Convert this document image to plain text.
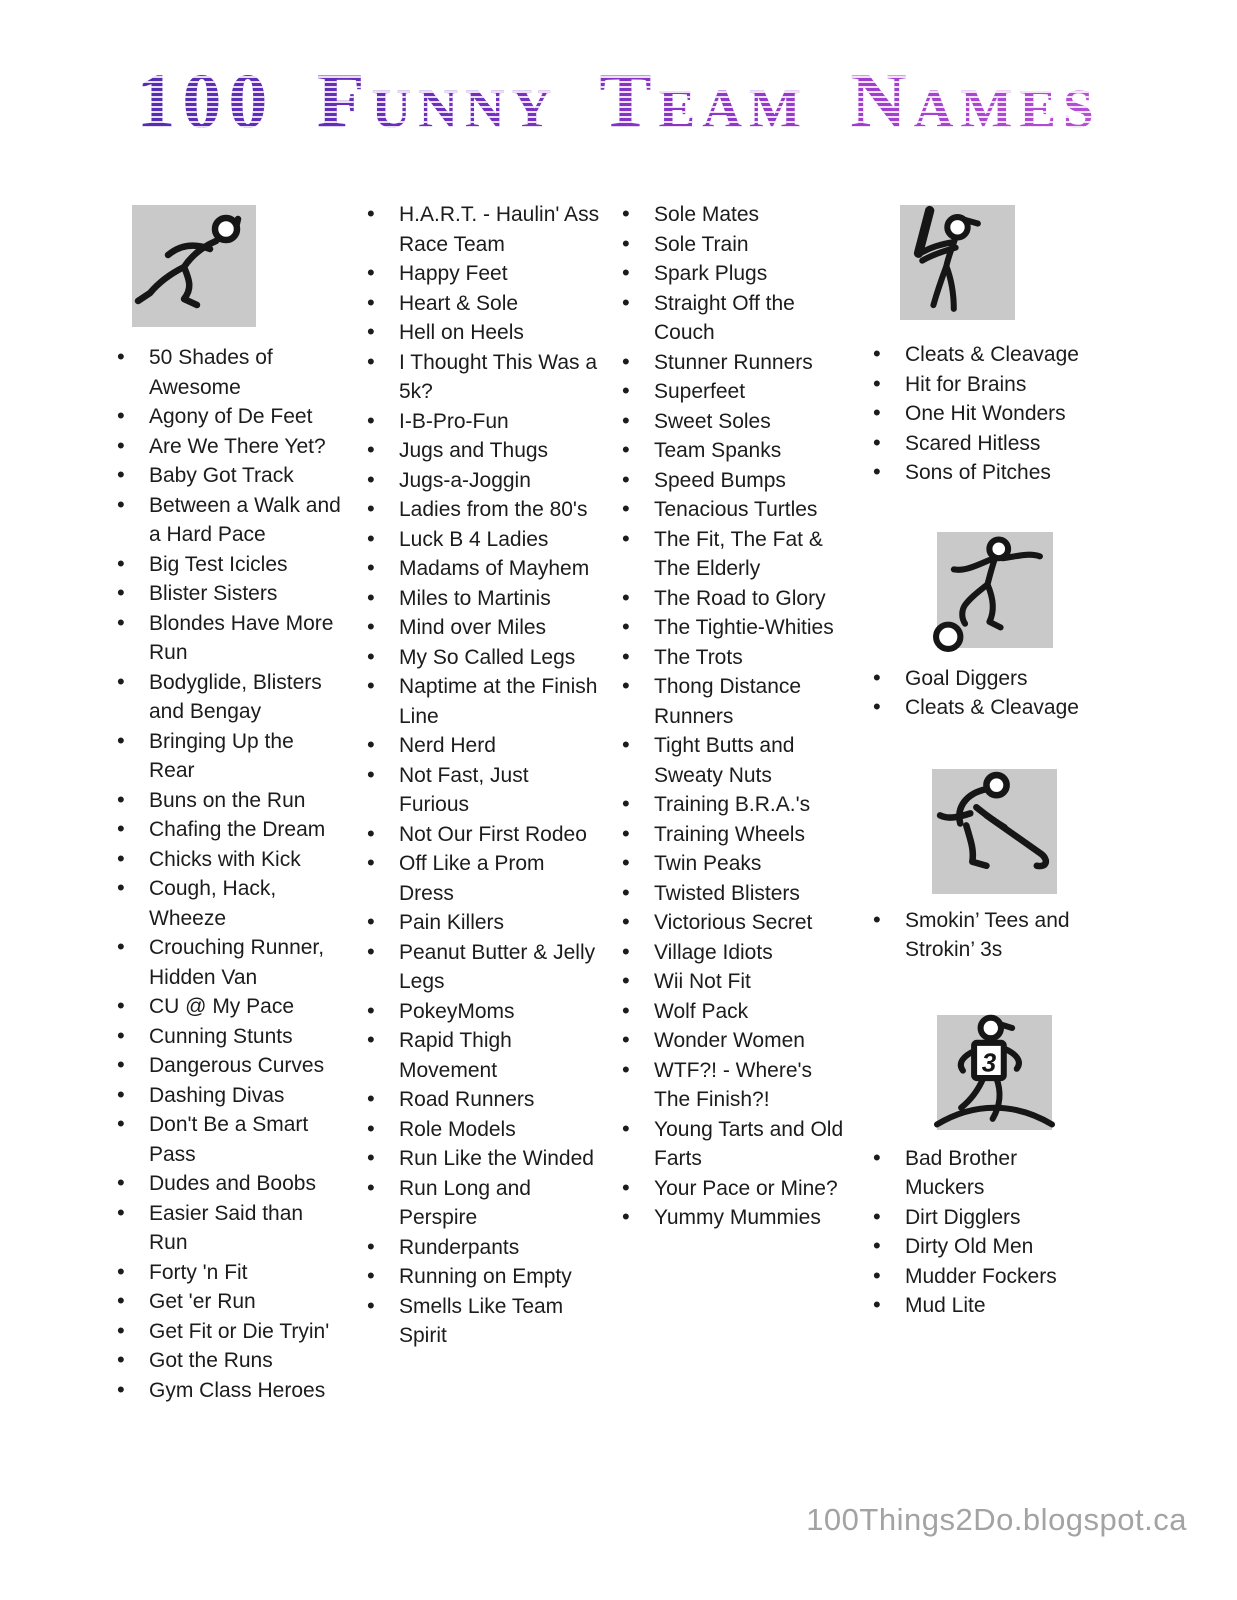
100 Funny Team Names
• 50 Shades of Awesome
• Agony of De Feet
• Are We There Yet?
• Baby Got Track
• Between a Walk and a Hard Pace
• Big Test Icicles
• Blister Sisters
• Blondes Have More Run
• Bodyglide, Blisters and Bengay
• Bringing Up the Rear
• Buns on the Run
• Chafing the Dream
• Chicks with Kick
• Cough, Hack, Wheeze
• Crouching Runner, Hidden Van
• CU @ My Pace
• Cunning Stunts
• Dangerous Curves
• Dashing Divas
• Don't Be a Smart Pass
• Dudes and Boobs
• Easier Said than Run
• Forty 'n Fit
• Get 'er Run
• Get Fit or Die Tryin'
• Got the Runs
• Gym Class Heroes
• H.A.R.T. - Haulin' Ass Race Team
• Happy Feet
• Heart & Sole
• Hell on Heels
• I Thought This Was a 5k?
• I-B-Pro-Fun
• Jugs and Thugs
• Jugs-a-Joggin
• Ladies from the 80's
• Luck B 4 Ladies
• Madams of Mayhem
• Miles to Martinis
• Mind over Miles
• My So Called Legs
• Naptime at the Finish Line
• Nerd Herd
• Not Fast, Just Furious
• Not Our First Rodeo
• Off Like a Prom Dress
• Pain Killers
• Peanut Butter & Jelly Legs
• PokeyMoms
• Rapid Thigh Movement
• Road Runners
• Role Models
• Run Like the Winded
• Run Long and Perspire
• Runderpants
• Running on Empty
• Smells Like Team Spirit
• Sole Mates
• Sole Train
• Spark Plugs
• Straight Off the Couch
• Stunner Runners
• Superfeet
• Sweet Soles
• Team Spanks
• Speed Bumps
• Tenacious Turtles
• The Fit, The Fat & The Elderly
• The Road to Glory
• The Tightie-Whities
• The Trots
• Thong Distance Runners
• Tight Butts and Sweaty Nuts
• Training B.R.A.'s
• Training Wheels
• Twin Peaks
• Twisted Blisters
• Victorious Secret
• Village Idiots
• Wii Not Fit
• Wolf Pack
• Wonder Women
• WTF?! - Where's The Finish?!
• Young Tarts and Old Farts
• Your Pace or Mine?
• Yummy Mummies
• Cleats & Cleavage
• Hit for Brains
• One Hit Wonders
• Scared Hitless
• Sons of Pitches
• Goal Diggers
• Cleats & Cleavage
• Smokin’ Tees and Strokin’ 3s
3
• Bad Brother Muckers
• Dirt Digglers
• Dirty Old Men
• Mudder Fockers
• Mud Lite
100Things2Do.blogspot.ca
